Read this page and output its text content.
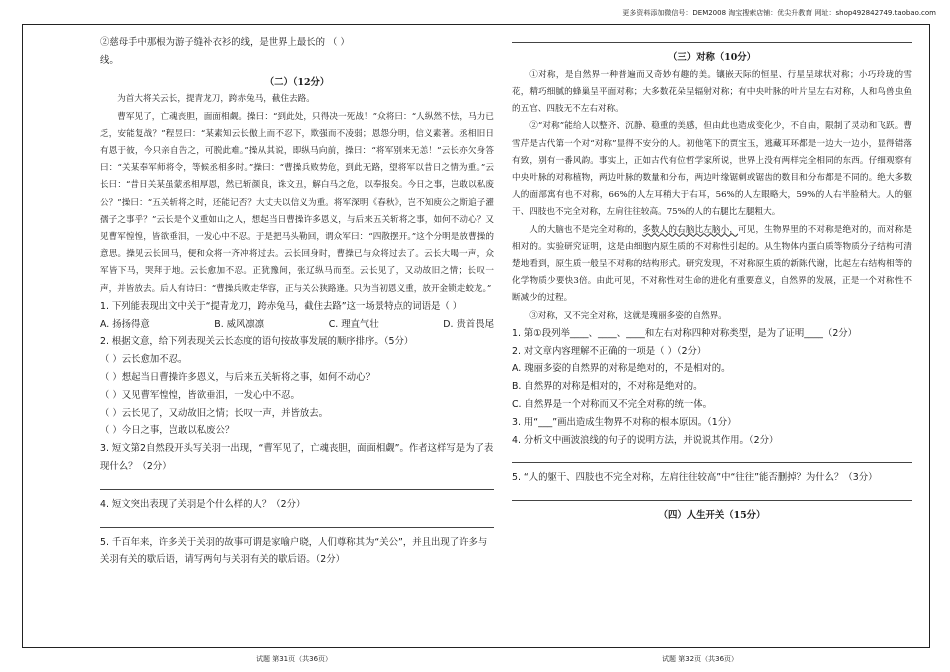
更多资料添加微信号：DEM2008 淘宝搜索店铺：优尖升教育 网址：shop492842749.taobao.com

②慈母手中那根为游子缝补衣衫的线，是世界上最长的 （ ）

线。

（二）（12分）

为首大将关云长，提青龙刀，跨赤兔马，截住去路。

曹军见了，亡魂丧胆，面面相觑。操曰：“到此处，只得决一死战！”众将曰：“人纵然不怯，马力已乏，安能复战？”程昱曰：“某素知云长傲上而不忍下，欺强而不凌弱；恩怨分明，信义素著。丞相旧日有恩于彼，今只亲自告之，可脱此难。”操从其说，即纵马向前，操曰：“将军别来无恙！”云长亦欠身答曰：“关某奉军师将令，等候丞相多时。”操曰：“曹操兵败势危，到此无路，望将军以昔日之情为重。”云长曰：“昔日关某虽蒙丞相厚恩，然已斩颜良，诛文丑，解白马之危，以奉报矣。今日之事，岂敢以私废公？”操曰：“五关斩将之时，还能记否？大丈夫以信义为重。将军深明《春秋》，岂不知庾公之斯追子濯孺子之事乎？”云长是个义重如山之人，想起当日曹操许多恩义，与后来五关斩将之事，如何不动心？又见曹军惶惶，皆欲垂泪，一发心中不忍。于是把马头勒回，谓众军曰：“四散摆开。”这个分明是放曹操的意思。操见云长回马，便和众将一齐冲将过去。云长回身时，曹操已与众将过去了。云长大喝一声，众军皆下马，哭拜于地。云长愈加不忍。正犹豫间，张辽纵马而至。云长见了，又动故旧之情；长叹一声，并皆放去。后人有诗曰：“曹操兵败走华容，正与关公狭路逢。只为当初恩义重，放开金锁走蛟龙。”

1. 下列能表现出文中关于“提青龙刀，跨赤兔马，截住去路”这一场景特点的词语是（ ）

A. 扬扬得意	B. 威风凛凛	C. 理直气壮	D. 贵首畏尾

2. 根据文意，给下列表现关云长态度的语句按故事发展的顺序排序。（5分）

（ ）云长愈加不忍。

（ ）想起当日曹操许多恩义，与后来五关斩将之事，如何不动心？

（ ）又见曹军惶惶，皆欲垂泪，一发心中不忍。

（ ）云长见了，又动故旧之情；长叹一声，并皆放去。

（ ）今日之事，岂敢以私废公？

3. 短文第2自然段开头写关羽一出现，“曹军见了，亡魂丧胆，面面相觑”。作者这样写是为了表现什么？（2分）

4. 短文突出表现了关羽是个什么样的人？（2分）

5. 千百年来，许多关于关羽的故事可谓是家喻户晓，人们尊称其为“关公”，并且出现了许多与关羽有关的歇后语，请写两句与关羽有关的歇后语。（2分）

（三）对称（10分）

①对称，是自然界一种普遍而又奇妙有趣的美。镶嵌天际的恒星、行星呈球状对称；小巧玲珑的雪花，精巧细腻的蜂巢呈平面对称；大多数花朵呈辐射对称；有中央叶脉的叶片呈左右对称，人和鸟兽虫鱼的五官、四肢无不左右对称。

②“对称”能给人以整齐、沉静、稳重的美感，但由此也造成变化少，不自由，限制了灵动和飞跃。曹雪芹是古代第一个对“对称”显得不安分的人。初他笔下的贾宝玉，逃藏耳环都是一边大一边小，显得错落有致，别有一番风韵。事实上，正如古代有位哲学家所说，世界上没有两样完全相同的东西。仔细观察有中央叶脉的对称植物，两边叶脉的数量和分布，两边叶缘锯刺或锯齿的数目和分布都是不同的。绝大多数人的面部寓有也不对称，66%的人左耳稍大于右耳，56%的人左眼略大，59%的人右半脸稍大。人的躯干、四肢也不完全对称，左肩往往较高。75%的人的右腿比左腿粗大。

人的大脑也不是完全对称的，多数人的右脑比左脑小，可见，生物界里的不对称是绝对的，而对称是相对的。实验研究证明，这是由细胞内原生质的不对称性引起的。从生物体内蛋白质等物质分子结构可清楚地看到，原生质一般呈不对称的结构形式。研究发现，不对称原生质的新陈代谢，比起左右结构相等的化学物质少要快3倍。由此可见，不对称性对生命的进化有重要意义，自然界的发展，正是一个对称性不断减少的过程。

③对称，又不完全对称，这就是瑰丽多姿的自然界。

1. 第①段列举____、____、____和左右对称四种对称类型，是为了证明____（2分）

2. 对文章内容理解不正确的一项是（ ）（2分）

A. 瑰丽多姿的自然界的对称是绝对的，不是相对的。

B. 自然界的对称是相对的，不对称是绝对的。

C. 自然界是一个对称而又不完全对称的统一体。

3. 用“___”画出造成生物界不对称的根本原因。（1分）

4. 分析文中画波浪线的句子的说明方法，并说说其作用。（2分）

5. “人的躯干、四肢也不完全对称，左肩往往较高”中“往往”能否删掉？为什么？（3分）

（四）人生开关（15分）

试题 第31页（共36页）	试题 第32页（共36页）
